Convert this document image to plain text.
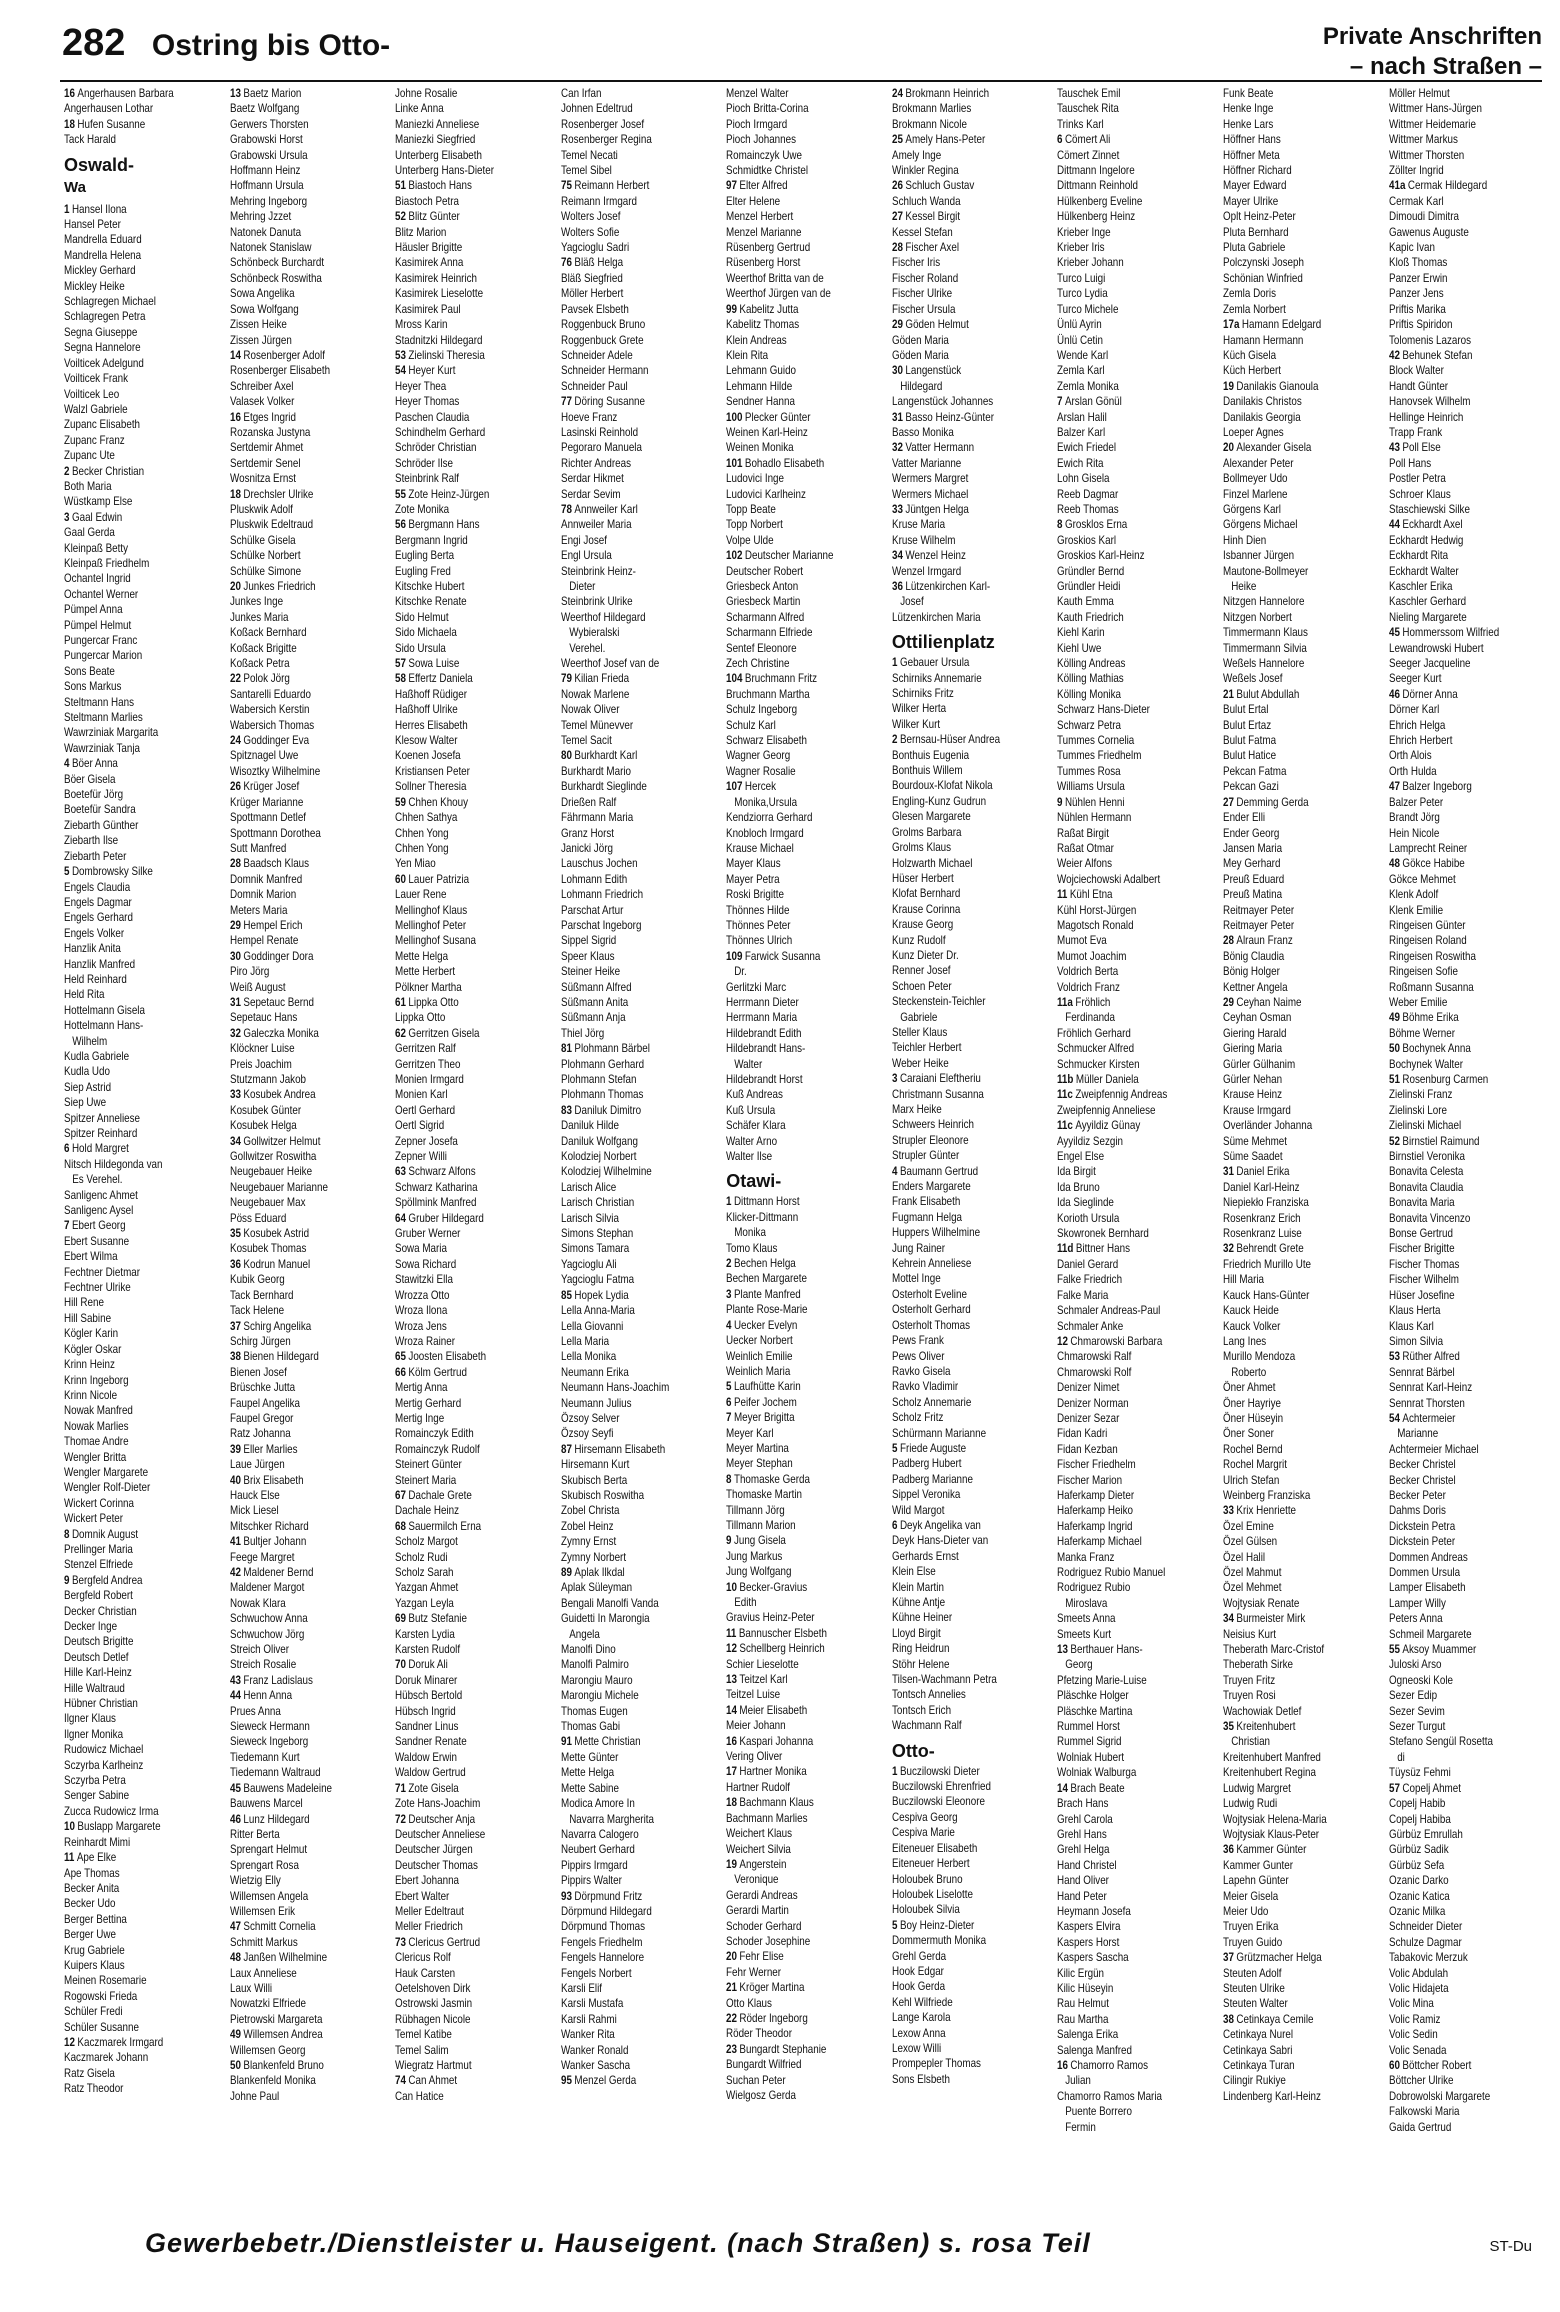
282 Ostring bis Otto-	Private Anschriften
– nach Straßen –
16 Angerhausen Barbara
Angerhausen Lothar
18 Hufen Susanne
Tack Harald
Oswald-
Wa
1 Hansel Ilona
Hansel Peter
Mandrella Eduard
Mandrella Helena
Mickley Gerhard
Mickley Heike
Schlagregen Michael
Schlagregen Petra
Segna Giuseppe
Segna Hannelore
Voilticek Adelgund
Voilticek Frank
Voilticek Leo
Walzl Gabriele
Zupanc Elisabeth
Zupanc Franz
Zupanc Ute
2 Becker Christian
Both Maria
Wüstkamp Else
3 Gaal Edwin
Gaal Gerda
Kleinpaß Betty
Kleinpaß Friedhelm
Ochantel Ingrid
Ochantel Werner
Pümpel Anna
Pümpel Helmut
Pungercar Franc
Pungercar Marion
Sons Beate
Sons Markus
Steltmann Hans
Steltmann Marlies
Wawrziniak Margarita
Wawrziniak Tanja
4 Böer Anna
Böer Gisela
Boetefür Jörg
Boetefür Sandra
Ziebarth Günther
Ziebarth Ilse
Ziebarth Peter
5 Dombrowsky Silke
Engels Claudia
Engels Dagmar
Engels Gerhard
Engels Volker
Hanzlik Anita
Hanzlik Manfred
Held Reinhard
Held Rita
Hottelmann Gisela
Hottelmann Hans-
Wilhelm
Kudla Gabriele
Kudla Udo
Siep Astrid
Siep Uwe
Spitzer Anneliese
Spitzer Reinhard
6 Hold Margret
Nitsch Hildegonda van
Es Verehel.
Sanligenc Ahmet
Sanligenc Aysel
7 Ebert Georg
Ebert Susanne
Ebert Wilma
Fechtner Dietmar
Fechtner Ulrike
Hill Rene
Hill Sabine
Kögler Karin
Kögler Oskar
Krinn Heinz
Krinn Ingeborg
Krinn Nicole
Nowak Manfred
Nowak Marlies
Thomae Andre
Wengler Britta
Wengler Margarete
Wengler Rolf-Dieter
Wickert Corinna
Wickert Peter
8 Domnik August
Prellinger Maria
Stenzel Elfriede
9 Bergfeld Andrea
Bergfeld Robert
Decker Christian
Decker Inge
Deutsch Brigitte
Deutsch Detlef
Hille Karl-Heinz
Hille Waltraud
Hübner Christian
Ilgner Klaus
Ilgner Monika
Rudowicz Michael
Sczyrba Karlheinz
Sczyrba Petra
Senger Sabine
Zucca Rudowicz Irma
10 Buslapp Margarete
Reinhardt Mimi
11 Ape Elke
Ape Thomas
Becker Anita
Becker Udo
Berger Bettina
Berger Uwe
Krug Gabriele
Kuipers Klaus
Meinen Rosemarie
Rogowski Frieda
Schüler Fredi
Schüler Susanne
12 Kaczmarek Irmgard
Kaczmarek Johann
Ratz Gisela
Ratz Theodor
13 Baetz Marion
Baetz Wolfgang
Gerwers Thorsten
Grabowski Horst
Grabowski Ursula
Hoffmann Heinz
Hoffmann Ursula
Mehring Ingeborg
Mehring Jzzet
Natonek Danuta
Natonek Stanislaw
Schönbeck Burchardt
Schönbeck Roswitha
Sowa Angelika
Sowa Wolfgang
Zissen Heike
Zissen Jürgen
14 Rosenberger Adolf
Rosenberger Elisabeth
Schreiber Axel
Valasek Volker
16 Etges Ingrid
Rozanska Justyna
Sertdemir Ahmet
Sertdemir Senel
Wosnitza Ernst
18 Drechsler Ulrike
Pluskwik Adolf
Pluskwik Edeltraud
Schülke Gisela
Schülke Norbert
Schülke Simone
20 Junkes Friedrich
Junkes Inge
Junkes Maria
Koßack Bernhard
Koßack Brigitte
Koßack Petra
22 Polok Jörg
Santarelli Eduardo
Wabersich Kerstin
Wabersich Thomas
24 Goddinger Eva
Spitznagel Uwe
Wisoztky Wilhelmine
26 Krüger Josef
Krüger Marianne
Spottmann Detlef
Spottmann Dorothea
Sutt Manfred
28 Baadsch Klaus
Domnik Manfred
Domnik Marion
Meters Maria
29 Hempel Erich
Hempel Renate
30 Goddinger Dora
Piro Jörg
Weiß August
31 Sepetauc Bernd
Sepetauc Hans
32 Galeczka Monika
Klöckner Luise
Preis Joachim
Stutzmann Jakob
33 Kosubek Andrea
Kosubek Günter
Kosubek Helga
34 Gollwitzer Helmut
Gollwitzer Roswitha
Neugebauer Heike
Neugebauer Marianne
Neugebauer Max
Pöss Eduard
35 Kosubek Astrid
Kosubek Thomas
36 Kodrun Manuel
Kubik Georg
Tack Bernhard
Tack Helene
37 Schirg Angelika
Schirg Jürgen
38 Bienen Hildegard
Bienen Josef
Brüschke Jutta
Faupel Angelika
Faupel Gregor
Ratz Johanna
39 Eller Marlies
Laue Jürgen
40 Brix Elisabeth
Hauck Else
Mick Liesel
Mitschker Richard
41 Bultjer Johann
Feege Margret
42 Maldener Bernd
Maldener Margot
Nowak Klara
Schwuchow Anna
Schwuchow Jörg
Streich Oliver
Streich Rosalie
43 Franz Ladislaus
44 Henn Anna
Prues Anna
Sieweck Hermann
Sieweck Ingeborg
Tiedemann Kurt
Tiedemann Waltraud
45 Bauwens Madeleine
Bauwens Marcel
46 Lunz Hildegard
Ritter Berta
Sprengart Helmut
Sprengart Rosa
Wietzig Elly
Willemsen Angela
Willemsen Erik
47 Schmitt Cornelia
Schmitt Markus
48 Janßen Wilhelmine
Laux Anneliese
Laux Willi
Nowatzki Elfriede
Pietrowski Margareta
49 Willemsen Andrea
Willemsen Georg
50 Blankenfeld Bruno
Blankenfeld Monika
Johne Paul
Johne Rosalie
Linke Anna
Maniezki Anneliese
Maniezki Siegfried
Unterberg Elisabeth
Unterberg Hans-Dieter
51 Biastoch Hans
Biastoch Petra
52 Blitz Günter
Blitz Marion
Häusler Brigitte
Kasimirek Anna
Kasimirek Heinrich
Kasimirek Lieselotte
Kasimirek Paul
Mross Karin
Stadnitzki Hildegard
53 Zielinski Theresia
54 Heyer Kurt
Heyer Thea
Heyer Thomas
Paschen Claudia
Schindhelm Gerhard
Schröder Christian
Schröder Ilse
Steinbrink Ralf
55 Zote Heinz-Jürgen
Zote Monika
56 Bergmann Hans
Bergmann Ingrid
Eugling Berta
Eugling Fred
Kitschke Hubert
Kitschke Renate
Sido Helmut
Sido Michaela
Sido Ursula
57 Sowa Luise
58 Effertz Daniela
Haßhoff Rüdiger
Haßhoff Ulrike
Herres Elisabeth
Klesow Walter
Koenen Josefa
Kristiansen Peter
Sollner Theresia
59 Chhen Khouy
Chhen Sathya
Chhen Yong
Chhen Yong
Yen Miao
60 Lauer Patrizia
Lauer Rene
Mellinghof Klaus
Mellinghof Peter
Mellinghof Susana
Mette Helga
Mette Herbert
Pölkner Martha
61 Lippka Otto
Lippka Otto
62 Gerritzen Gisela
Gerritzen Ralf
Gerritzen Theo
Monien Irmgard
Monien Karl
Oertl Gerhard
Oertl Sigrid
Zepner Josefa
Zepner Willi
63 Schwarz Alfons
Schwarz Katharina
Spöllmink Manfred
64 Gruber Hildegard
Gruber Werner
Sowa Maria
Sowa Richard
Stawitzki Ella
Wrozza Otto
Wroza Ilona
Wroza Jens
Wroza Rainer
65 Joosten Elisabeth
66 Kölm Gertrud
Mertig Anna
Mertig Gerhard
Mertig Inge
Romainczyk Edith
Romainczyk Rudolf
Steinert Günter
Steinert Maria
67 Dachale Grete
Dachale Heinz
68 Sauermilch Erna
Scholz Margot
Scholz Rudi
Scholz Sarah
Yazgan Ahmet
Yazgan Leyla
69 Butz Stefanie
Karsten Lydia
Karsten Rudolf
70 Doruk Ali
Doruk Minarer
Hübsch Bertold
Hübsch Ingrid
Sandner Linus
Sandner Renate
Waldow Erwin
Waldow Gertrud
71 Zote Gisela
Zote Hans-Joachim
72 Deutscher Anja
Deutscher Anneliese
Deutscher Jürgen
Deutscher Thomas
Ebert Johanna
Ebert Walter
Meller Edeltraut
Meller Friedrich
73 Clericus Gertrud
Clericus Rolf
Hauk Carsten
Oetelshoven Dirk
Ostrowski Jasmin
Rübhagen Nicole
Temel Katibe
Temel Salim
Wiegratz Hartmut
74 Can Ahmet
Can Hatice
Can Irfan
Johnen Edeltrud
Rosenberger Josef
Rosenberger Regina
Temel Necati
Temel Sibel
75 Reimann Herbert
Reimann Irmgard
Wolters Josef
Wolters Sofie
Yagcioglu Sadri
76 Bläß Helga
Bläß Siegfried
Möller Herbert
Pavsek Elsbeth
Roggenbuck Bruno
Roggenbuck Grete
Schneider Adele
Schneider Hermann
Schneider Paul
77 Döring Susanne
Hoeve Franz
Lasinski Reinhold
Pegoraro Manuela
Richter Andreas
Serdar Hikmet
Serdar Sevim
78 Annweiler Karl
Annweiler Maria
Engi Josef
Engl Ursula
Steinbrink Heinz-
Dieter
Steinbrink Ulrike
Weerthof Hildegard
Wybieralski
Verehel.
Weerthof Josef van de
79 Kilian Frieda
Nowak Marlene
Nowak Oliver
Temel Münevver
Temel Sacit
80 Burkhardt Karl
Burkhardt Mario
Burkhardt Sieglinde
Drießen Ralf
Fährmann Maria
Granz Horst
Janicki Jörg
Lauschus Jochen
Lohmann Edith
Lohmann Friedrich
Parschat Artur
Parschat Ingeborg
Sippel Sigrid
Speer Klaus
Steiner Heike
Süßmann Alfred
Süßmann Anita
Süßmann Anja
Thiel Jörg
81 Plohmann Bärbel
Plohmann Gerhard
Plohmann Stefan
Plohmann Thomas
83 Daniluk Dimitro
Daniluk Hilde
Daniluk Wolfgang
Kolodziej Norbert
Kolodziej Wilhelmine
Larisch Alice
Larisch Christian
Larisch Silvia
Simons Stephan
Simons Tamara
Yagcioglu Ali
Yagcioglu Fatma
85 Hopek Lydia
Lella Anna-Maria
Lella Giovanni
Lella Maria
Lella Monika
Neumann Erika
Neumann Hans-Joachim
Neumann Julius
Özsoy Selver
Özsoy Seyfi
87 Hirsemann Elisabeth
Hirsemann Kurt
Skubisch Berta
Skubisch Roswitha
Zobel Christa
Zobel Heinz
Zymny Ernst
Zymny Norbert
89 Aplak Ilkdal
Aplak Süleyman
Bengali Manolfi Vanda
Guidetti In Marongia
Angela
Manolfi Dino
Manolfi Palmiro
Marongiu Mauro
Marongiu Michele
Thomas Eugen
Thomas Gabi
91 Mette Christian
Mette Günter
Mette Helga
Mette Sabine
Modica Amore In
Navarra Margherita
Navarra Calogero
Neubert Gerhard
Pippirs Irmgard
Pippirs Walter
93 Dörpmund Fritz
Dörpmund Hildegard
Dörpmund Thomas
Fengels Friedhelm
Fengels Hannelore
Fengels Norbert
Karsli Elif
Karsli Mustafa
Karsli Rahmi
Wanker Rita
Wanker Ronald
Wanker Sascha
95 Menzel Gerda
Menzel Walter
Pioch Britta-Corina
Pioch Irmgard
Pioch Johannes
Romainczyk Uwe
Schmidtke Christel
97 Elter Alfred
Elter Helene
Menzel Herbert
Menzel Marianne
Rüsenberg Gertrud
Rüsenberg Horst
Weerthof Britta van de
Weerthof Jürgen van de
99 Kabelitz Jutta
Kabelitz Thomas
Klein Andreas
Klein Rita
Lehmann Guido
Lehmann Hilde
Sendner Hanna
100 Plecker Günter
Weinen Karl-Heinz
Weinen Monika
101 Bohadlo Elisabeth
Ludovici Inge
Ludovici Karlheinz
Topp Beate
Topp Norbert
Volpe Ulde
102 Deutscher Marianne
Deutscher Robert
Griesbeck Anton
Griesbeck Martin
Scharmann Alfred
Scharmann Elfriede
Sentef Eleonore
Zech Christine
104 Bruchmann Fritz
Bruchmann Martha
Schulz Ingeborg
Schulz Karl
Schwarz Elisabeth
Wagner Georg
Wagner Rosalie
107 Hercek
Monika,Ursula
Kendziorra Gerhard
Knobloch Irmgard
Krause Michael
Mayer Klaus
Mayer Petra
Roski Brigitte
Thönnes Hilde
Thönnes Peter
Thönnes Ulrich
109 Farwick Susanna
Dr.
Gerlitzki Marc
Herrmann Dieter
Herrmann Maria
Hildebrandt Edith
Hildebrandt Hans-
Walter
Hildebrandt Horst
Kuß Andreas
Kuß Ursula
Schäfer Klara
Walter Arno
Walter Ilse
Otawi-
1 Dittmann Horst
Klicker-Dittmann
Monika
Tomo Klaus
2 Bechen Helga
Bechen Margarete
3 Plante Manfred
Plante Rose-Marie
4 Uecker Evelyn
Uecker Norbert
Weinlich Emilie
Weinlich Maria
5 Laufhütte Karin
6 Peifer Jochem
7 Meyer Brigitta
Meyer Karl
Meyer Martina
Meyer Stephan
8 Thomaske Gerda
Thomaske Martin
Tillmann Jörg
Tillmann Marion
9 Jung Gisela
Jung Markus
Jung Wolfgang
10 Becker-Gravius
Edith
Gravius Heinz-Peter
11 Bannuscher Elsbeth
12 Schellberg Heinrich
Schier Lieselotte
13 Teitzel Karl
Teitzel Luise
14 Meier Elisabeth
Meier Johann
16 Kaspari Johanna
Vering Oliver
17 Hartner Monika
Hartner Rudolf
18 Bachmann Klaus
Bachmann Marlies
Weichert Klaus
Weichert Silvia
19 Angerstein
Veronique
Gerardi Andreas
Gerardi Martin
Schoder Gerhard
Schoder Josephine
20 Fehr Elise
Fehr Werner
21 Kröger Martina
Otto Klaus
22 Röder Ingeborg
Röder Theodor
23 Bungardt Stephanie
Bungardt Wilfried
Suchan Peter
Wielgosz Gerda
24 Brokmann Heinrich
Brokmann Marlies
Brokmann Nicole
25 Amely Hans-Peter
Amely Inge
Winkler Regina
26 Schluch Gustav
Schluch Wanda
27 Kessel Birgit
Kessel Stefan
28 Fischer Axel
Fischer Iris
Fischer Roland
Fischer Ulrike
Fischer Ursula
29 Göden Helmut
Göden Maria
Göden Maria
30 Langenstück
Hildegard
Langenstück Johannes
31 Basso Heinz-Günter
Basso Monika
32 Vatter Hermann
Vatter Marianne
Wermers Margret
Wermers Michael
33 Jüntgen Helga
Kruse Maria
Kruse Wilhelm
34 Wenzel Heinz
Wenzel Irmgard
36 Lützenkirchen Karl-
Josef
Lützenkirchen Maria
Ottilienplatz
1 Gebauer Ursula
Schirniks Annemarie
Schirniks Fritz
Wilker Herta
Wilker Kurt
2 Bernsau-Hüser Andrea
Bonthuis Eugenia
Bonthuis Willem
Bourdoux-Klofat Nikola
Engling-Kunz Gudrun
Glesen Margarete
Grolms Barbara
Grolms Klaus
Holzwarth Michael
Hüser Herbert
Klofat Bernhard
Krause Corinna
Krause Georg
Kunz Rudolf
Kunz Dieter Dr.
Renner Josef
Schoen Peter
Steckenstein-Teichler
Gabriele
Steller Klaus
Teichler Herbert
Weber Heike
3 Caraiani Eleftheriu
Christmann Susanna
Marx Heike
Schweers Heinrich
Strupler Eleonore
Strupler Günter
4 Baumann Gertrud
Enders Margarete
Frank Elisabeth
Fugmann Helga
Huppers Wilhelmine
Jung Rainer
Kehrein Anneliese
Mottel Inge
Osterholt Eveline
Osterholt Gerhard
Osterholt Thomas
Pews Frank
Pews Oliver
Ravko Gisela
Ravko Vladimir
Scholz Annemarie
Scholz Fritz
Schürmann Marianne
5 Friede Auguste
Padberg Hubert
Padberg Marianne
Sippel Veronika
Wild Margot
6 Deyk Angelika van
Deyk Hans-Dieter van
Gerhards Ernst
Klein Else
Klein Martin
Kühne Antje
Kühne Heiner
Lloyd Birgit
Ring Heidrun
Stöhr Helene
Tilsen-Wachmann Petra
Tontsch Annelies
Tontsch Erich
Wachmann Ralf
Otto-
1 Buczilowski Dieter
Buczilowski Ehrenfried
Buczilowski Eleonore
Cespiva Georg
Cespiva Marie
Eiteneuer Elisabeth
Eiteneuer Herbert
Holoubek Bruno
Holoubek Liselotte
Holoubek Silvia
5 Boy Heinz-Dieter
Dommermuth Monika
Grehl Gerda
Hook Edgar
Hook Gerda
Kehl Wilfriede
Lange Karola
Lexow Anna
Lexow Willi
Prompepler Thomas
Sons Elsbeth
Tauschek Emil
Tauschek Rita
Trinks Karl
6 Cömert Ali
Cömert Zinnet
Dittmann Ingelore
Dittmann Reinhold
Hülkenberg Eveline
Hülkenberg Heinz
Krieber Inge
Krieber Iris
Krieber Johann
Turco Luigi
Turco Lydia
Turco Michele
Ünlü Ayrin
Ünlü Cetin
Wende Karl
Zemla Karl
Zemla Monika
7 Arslan Gönül
Arslan Halil
Balzer Karl
Ewich Friedel
Ewich Rita
Lohn Gisela
Reeb Dagmar
Reeb Thomas
8 Grosklos Erna
Groskios Karl
Groskios Karl-Heinz
Gründler Bernd
Gründler Heidi
Kauth Emma
Kauth Friedrich
Kiehl Karin
Kiehl Uwe
Kölling Andreas
Kölling Mathias
Kölling Monika
Schwarz Hans-Dieter
Schwarz Petra
Tummes Cornelia
Tummes Friedhelm
Tummes Rosa
Williams Ursula
9 Nühlen Henni
Nühlen Hermann
Raßat Birgit
Raßat Otmar
Weier Alfons
Wojciechowski Adalbert
11 Kühl Etna
Kühl Horst-Jürgen
Magotsch Ronald
Mumot Eva
Mumot Joachim
Voldrich Berta
Voldrich Franz
11a Fröhlich
Ferdinanda
Fröhlich Gerhard
Schmucker Alfred
Schmucker Kirsten
11b Müller Daniela
11c Zweipfennig Andreas
Zweipfennig Anneliese
11c Ayyildiz Günay
Ayyildiz Sezgin
Engel Else
Ida Birgit
Ida Bruno
Ida Sieglinde
Korioth Ursula
Skowronek Bernhard
11d Bittner Hans
Daniel Gerard
Falke Friedrich
Falke Maria
Schmaler Andreas-Paul
Schmaler Anke
12 Chmarowski Barbara
Chmarowski Ralf
Chmarowski Rolf
Denizer Nimet
Denizer Norman
Denizer Sezar
Fidan Kadri
Fidan Kezban
Fischer Friedhelm
Fischer Marion
Haferkamp Dieter
Haferkamp Heiko
Haferkamp Ingrid
Haferkamp Michael
Manka Franz
Rodriguez Rubio Manuel
Rodriguez Rubio
Miroslava
Smeets Anna
Smeets Kurt
13 Berthauer Hans-
Georg
Pfetzing Marie-Luise
Pläschke Holger
Pläschke Martina
Rummel Horst
Rummel Sigrid
Wolniak Hubert
Wolniak Walburga
14 Brach Beate
Brach Hans
Grehl Carola
Grehl Hans
Grehl Helga
Hand Christel
Hand Oliver
Hand Peter
Heymann Josefa
Kaspers Elvira
Kaspers Horst
Kaspers Sascha
Kilic Ergün
Kilic Hüseyin
Rau Helmut
Rau Martha
Salenga Erika
Salenga Manfred
16 Chamorro Ramos
Julian
Chamorro Ramos Maria
Puente Borrero
Fermin
Funk Beate
Henke Inge
Henke Lars
Höffner Hans
Höffner Meta
Höffner Richard
Mayer Edward
Mayer Ulrike
Oplt Heinz-Peter
Pluta Bernhard
Pluta Gabriele
Polczynski Joseph
Schönian Winfried
Zemla Doris
Zemla Norbert
17a Hamann Edelgard
Hamann Hermann
Küch Gisela
Küch Herbert
19 Danilakis Gianoula
Danilakis Christos
Danilakis Georgia
Loeper Agnes
20 Alexander Gisela
Alexander Peter
Bollmeyer Udo
Finzel Marlene
Görgens Karl
Görgens Michael
Hinh Dien
Isbanner Jürgen
Mautone-Bollmeyer
Heike
Nitzgen Hannelore
Nitzgen Norbert
Timmermann Klaus
Timmermann Silvia
Weßels Hannelore
Weßels Josef
21 Bulut Abdullah
Bulut Ertal
Bulut Ertaz
Bulut Fatma
Bulut Hatice
Pekcan Fatma
Pekcan Gazi
27 Demming Gerda
Ender Elli
Ender Georg
Jansen Maria
Mey Gerhard
Preuß Eduard
Preuß Matina
Reitmayer Peter
Reitmayer Peter
28 Alraun Franz
Bönig Claudia
Bönig Holger
Kettner Angela
29 Ceyhan Naime
Ceyhan Osman
Giering Harald
Giering Maria
Gürler Gülhanim
Gürler Nehan
Krause Heinz
Krause Irmgard
Overländer Johanna
Süme Mehmet
Süme Saadet
31 Daniel Erika
Daniel Karl-Heinz
Niepiekło Franziska
Rosenkranz Erich
Rosenkranz Luise
32 Behrendt Grete
Friedrich Murillo Ute
Hill Maria
Kauck Hans-Günter
Kauck Heide
Kauck Volker
Lang Ines
Murillo Mendoza
Roberto
Öner Ahmet
Öner Hayriye
Öner Hüseyin
Öner Soner
Rochel Bernd
Rochel Margrit
Ulrich Stefan
Weinberg Franziska
33 Krix Henriette
Özel Emine
Özel Gülsen
Özel Halil
Özel Mahmut
Özel Mehmet
Wojtysiak Renate
34 Burmeister Mirk
Neisius Kurt
Theberath Marc-Cristof
Theberath Sirke
Truyen Fritz
Truyen Rosi
Wachowiak Detlef
35 Kreitenhubert
Christian
Kreitenhubert Manfred
Kreitenhubert Regina
Ludwig Margret
Ludwig Rudi
Wojtysiak Helena-Maria
Wojtysiak Klaus-Peter
36 Kammer Günter
Kammer Gunter
Lapehn Günter
Meier Gisela
Meier Udo
Truyen Erika
Truyen Guido
37 Grützmacher Helga
Steuten Adolf
Steuten Ulrike
Steuten Walter
38 Cetinkaya Cemile
Cetinkaya Nurel
Cetinkaya Sabri
Cetinkaya Turan
Cilingir Rukiye
Lindenberg Karl-Heinz
Möller Helmut
Wittmer Hans-Jürgen
Wittmer Heidemarie
Wittmer Markus
Wittmer Thorsten
Zöllter Ingrid
41a Cermak Hildegard
Cermak Karl
Dimoudi Dimitra
Gawenus Auguste
Kapic Ivan
Kloß Thomas
Panzer Erwin
Panzer Jens
Priftis Marika
Priftis Spiridon
Tolomenis Lazaros
42 Behunek Stefan
Block Walter
Handt Günter
Hanovsek Wilhelm
Hellinge Heinrich
Trapp Frank
43 Poll Else
Poll Hans
Postler Petra
Schroer Klaus
Staschiewski Silke
44 Eckhardt Axel
Eckhardt Hedwig
Eckhardt Rita
Eckhardt Walter
Kaschler Erika
Kaschler Gerhard
Nieling Margarete
45 Hommerssom Wilfried
Lewandrowski Hubert
Seeger Jacqueline
Seeger Kurt
46 Dörner Anna
Dörner Karl
Ehrich Helga
Ehrich Herbert
Orth Alois
Orth Hulda
47 Balzer Ingeborg
Balzer Peter
Brandt Jörg
Hein Nicole
Lamprecht Reiner
48 Gökce Habibe
Gökce Mehmet
Klenk Adolf
Klenk Emilie
Ringeisen Günter
Ringeisen Roland
Ringeisen Roswitha
Ringeisen Sofie
Roßmann Susanna
Weber Emilie
49 Böhme Erika
Böhme Werner
50 Bochynek Anna
Bochynek Walter
51 Rosenburg Carmen
Zielinski Franz
Zielinski Lore
Zielinski Michael
52 Birnstiel Raimund
Birnstiel Veronika
Bonavita Celesta
Bonavita Claudia
Bonavita Maria
Bonavita Vincenzo
Bonse Gertrud
Fischer Brigitte
Fischer Thomas
Fischer Wilhelm
Hüser Josefine
Klaus Herta
Klaus Karl
Simon Silvia
53 Rüther Alfred
Sennrat Bärbel
Sennrat Karl-Heinz
Sennrat Thorsten
54 Achtermeier
Marianne
Achtermeier Michael
Becker Christel
Becker Christel
Becker Peter
Dahms Doris
Dickstein Petra
Dickstein Peter
Dommen Andreas
Dommen Ursula
Lamper Elisabeth
Lamper Willy
Peters Anna
Schmeil Margarete
55 Aksoy Muammer
Juloski Arso
Ogneoski Kole
Sezer Edip
Sezer Sevim
Sezer Turgut
Stefano Sengül Rosetta
di
Tüysüz Fehmi
57 Copelj Ahmet
Copelj Habib
Copelj Habiba
Gürbüz Emrullah
Gürbüz Sadik
Gürbüz Sefa
Ozanic Darko
Ozanic Katica
Ozanic Milka
Schneider Dieter
Schulze Dagmar
Tabakovic Merzuk
Volic Abdulah
Volic Hidajeta
Volic Mina
Volic Ramiz
Volic Sedin
Volic Senada
60 Böttcher Robert
Böttcher Ulrike
Dobrowolski Margarete
Falkowski Maria
Gaida Gertrud
Gewerbebetr./Dienstleister u. Hauseigent. (nach Straßen) s. rosa Teil	ST-Du
